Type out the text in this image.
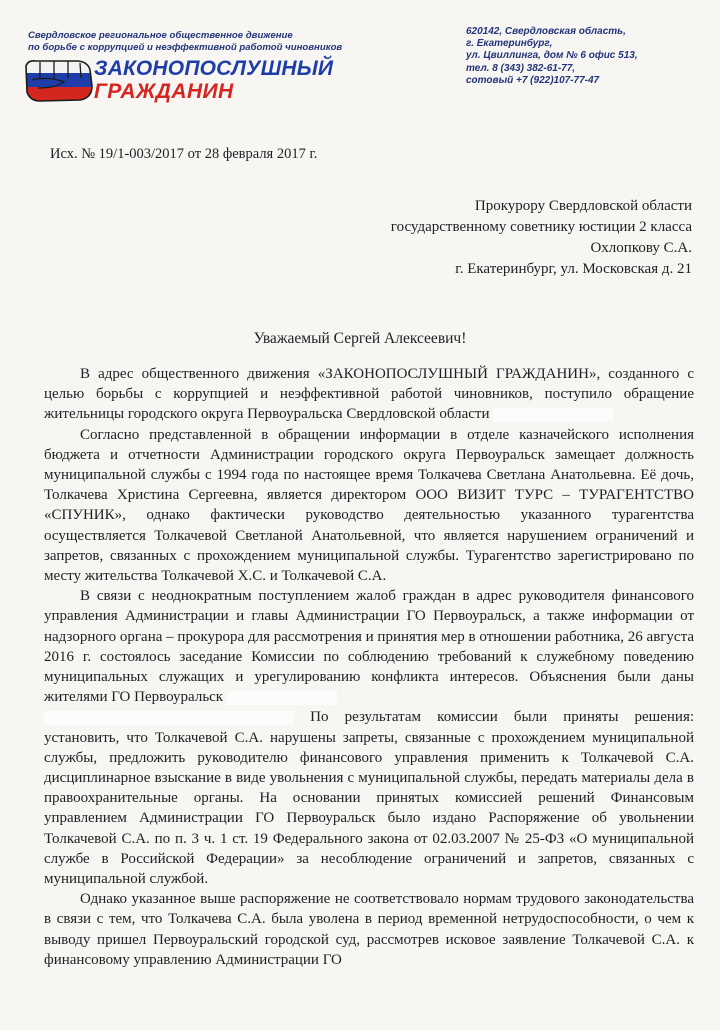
Свердловское региональное общественное движение
по борьбе с коррупцией и неэффективной работой чиновников
ЗАКОНОПОСЛУШНЫЙ
ГРАЖДАНИН
620142, Свердловская область,
г. Екатеринбург,
ул. Цвиллинга, дом № 6 офис 513,
тел. 8 (343) 382-61-77,
сотовый +7 (922)107-77-47
Исх. № 19/1-003/2017 от 28 февраля 2017 г.
Прокурору Свердловской области
государственному советнику юстиции 2 класса
Охлопкову С.А.
г. Екатеринбург, ул. Московская д. 21
Уважаемый Сергей Алексеевич!

В адрес общественного движения «ЗАКОНОПОСЛУШНЫЙ ГРАЖДАНИН», созданного с целью борьбы с коррупцией и неэффективной работой чиновников, поступило обращение жительницы городского округа Первоуральска Свердловской области

Согласно представленной в обращении информации в отделе казначейского исполнения бюджета и отчетности Администрации городского округа Первоуральск замещает должность муниципальной службы с 1994 года по настоящее время Толкачева Светлана Анатольевна. Её дочь, Толкачева Христина Сергеевна, является директором ООО ВИЗИТ ТУРС – ТУРАГЕНТСТВО «СПУНИК», однако фактически руководство деятельностью указанного турагентства осуществляется Толкачевой Светланой Анатольевной, что является нарушением ограничений и запретов, связанных с прохождением муниципальной службы. Турагентство зарегистрировано по месту жительства Толкачевой Х.С. и Толкачевой С.А.

В связи с неоднократным поступлением жалоб граждан в адрес руководителя финансового управления Администрации и главы Администрации ГО Первоуральск, а также информации от надзорного органа – прокурора для рассмотрения и принятия мер в отношении работника, 26 августа 2016 г. состоялось заседание Комиссии по соблюдению требований к служебному поведению муниципальных служащих и урегулированию конфликта интересов. Объяснения были даны жителями ГО Первоуральск

По результатам комиссии были приняты решения: установить, что Толкачевой С.А. нарушены запреты, связанные с прохождением муниципальной службы, предложить руководителю финансового управления применить к Толкачевой С.А. дисциплинарное взыскание в виде увольнения с муниципальной службы, передать материалы дела в правоохранительные органы. На основании принятых комиссией решений Финансовым управлением Администрации ГО Первоуральск было издано Распоряжение об увольнении Толкачевой С.А. по п. 3 ч. 1 ст. 19 Федерального закона от 02.03.2007 № 25-ФЗ «О муниципальной службе в Российской Федерации» за несоблюдение ограничений и запретов, связанных с муниципальной службой.

Однако указанное выше распоряжение не соответствовало нормам трудового законодательства в связи с тем, что Толкачева С.А. была уволена в период временной нетрудоспособности, о чем к выводу пришел Первоуральский городской суд, рассмотрев исковое заявление Толкачевой С.А. к финансовому управлению Администрации ГО
